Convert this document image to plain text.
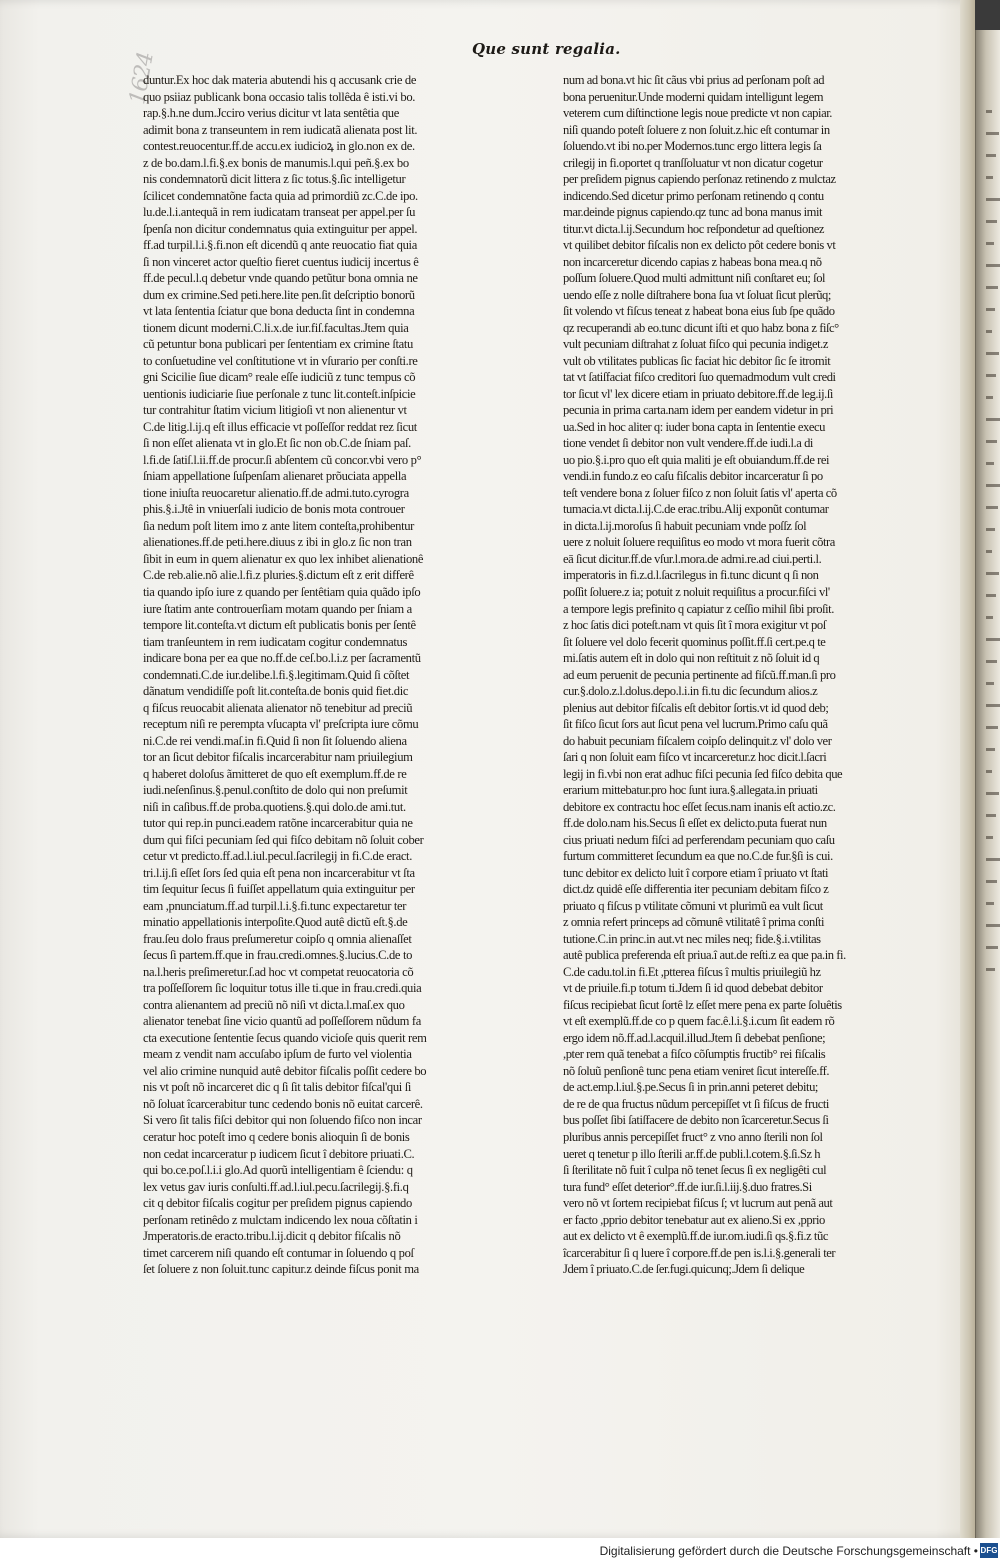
1624
Que sunt regalia.

duntur.Ex hoc dak materia abutendi his q accusank crie de

quo psiiaz publicank bona occasio talis tollêda ê isti.vi bo.

rap.§.h.ne dum.Jcciro verius dicitur vt lata sentêtia que

adimit bona z transeuntem in rem iudicatã alienata post lit.

contest.reuocentur.ff.de accu.ex iudicioꝝ in glo.non ex de.

z de bo.dam.l.fi.§.ex bonis de manumis.l.qui peñ.§.ex bo

nis condemnatorũ dicit littera z ſic totus.§.ſic intelligetur

ſcilicet condemnatõne facta quia ad primordiũ zc.C.de ipo.

lu.de.l.i.antequã in rem iudicatam transeat per appel.per ſu

ſpenſa non dicitur condemnatus quia extinguitur per appel.

ff.ad turpil.l.i.§.fi.non eſt dicendũ q ante reuocatio fiat quia

ſi non vinceret actor queſtio fieret cuentus iudicij incertus ê

ff.de pecul.l.q debetur vnde quando petũtur bona omnia ne

dum ex crimine.Sed peti.here.lite pen.ſit deſcriptio bonorũ

vt lata ſententia ſciatur que bona deducta ſint in condemna

tionem dicunt moderni.C.li.x.de iur.fiſ.facultas.Jtem quia

cũ petuntur bona publicari per ſententiam ex crimine ſtatu

to conſuetudine vel conſtitutione vt in vſurario per conſti.re

gni Scicilie ſiue dicam° reale eſſe iudiciũ z tunc tempus cõ

uentionis iudiciarie ſiue perſonale z tunc lit.conteſt.inſpicie

tur contrahitur ſtatim vicium litigioſi vt non alienentur vt

C.de litig.l.ij.q eſt illus efficacie vt poſſeſſor reddat rez ſicut

ſi non eſſet alienata vt in glo.Et ſic non ob.C.de ſniam paſ.

l.fi.de ſatiſ.l.ii.ff.de procur.ſi abſentem cũ concor.vbi vero p°

ſniam appellatione ſuſpenſam alienaret prõuciata appella

tione iniuſta reuocaretur alienatio.ff.de admi.tuto.cyrogra

phis.§.i.Jtê in vniuerſali iudicio de bonis mota controuer

ſia nedum poſt litem imo z ante litem conteſta,prohibentur

alienationes.ff.de peti.here.diuus z ibi in glo.z ſic non tran

ſibit in eum in quem alienatur ex quo lex inhibet alienationê

C.de reb.alie.nõ alie.l.fi.z pluries.§.dictum eſt z erit differê

tia quando ipſo iure z quando per ſentêtiam quia quãdo ipſo

iure ſtatim ante controuerſiam motam quando per ſniam a

tempore lit.conteſta.vt dictum eſt publicatis bonis per ſentê

tiam tranſeuntem in rem iudicatam cogitur condemnatus

indicare bona per ea que no.ff.de ceſ.bo.l.i.z per ſacramentũ

condemnati.C.de iur.delibe.l.fi.§.legitimam.Quid ſi cõſtet

dãnatum vendidiſſe poſt lit.conteſta.de bonis quid fiet.dic

q fiſcus reuocabit alienata alienator nõ tenebitur ad preciũ

receptum niſi re perempta vſucapta vl' preſcripta iure cõmu

ni.C.de rei vendi.maſ.in fi.Quid ſi non ſit ſoluendo aliena

tor an ſicut debitor fiſcalis incarcerabitur nam priuilegium

q haberet doloſus ãmitteret de quo eſt exemplum.ff.de re

iudi.neſenſinus.§.penul.conſtito de dolo qui non preſumit

niſi in caſibus.ff.de proba.quotiens.§.qui dolo.de ami.tut.

tutor qui rep.in punci.eadem ratõne incarcerabitur quia ne

dum qui fiſci pecuniam ſed qui fiſco debitam nõ ſoluit cober

cetur vt predicto.ff.ad.l.iul.pecul.ſacrilegij in fi.C.de eract.

tri.l.ij.ſi eſſet ſors ſed quia eſt pena non incarcerabitur vt ſta

tim ſequitur ſecus ſi fuiſſet appellatum quia extinguitur per

eam ,pnunciatum.ff.ad turpil.l.i.§.fi.tunc expectaretur ter

minatio appellationis interpoſite.Quod autê dictũ eſt.§.de

frau.ſeu dolo fraus preſumeretur coipſo q omnia alienaſſet

ſecus ſi partem.ff.que in frau.credi.omnes.§.lucius.C.de to

na.l.heris preſimeretur.ſ.ad hoc vt competat reuocatoria cõ

tra poſſeſſorem ſic loquitur totus ille ti.que in frau.credi.quia

contra alienantem ad preciũ nõ niſi vt dicta.l.maſ.ex quo

alienator tenebat ſine vicio quantũ ad poſſeſſorem nũdum fa

cta executione ſententie ſecus quando vicioſe quis querit rem

meam z vendit nam accuſabo ipſum de furto vel violentia

vel alio crimine nunquid autê debitor fiſcalis poſſit cedere bo

nis vt poſt nõ incarceret dic q ſi ſit talis debitor fiſcal'qui ſi

nõ ſoluat îcarcerabitur tunc cedendo bonis nõ euitat carcerê.

Si vero ſit talis fiſci debitor qui non ſoluendo fiſco non incar

ceratur hoc poteſt imo q cedere bonis alioquin ſi de bonis

non cedat incarceratur p iudicem ſicut î debitore priuati.C.

qui bo.ce.poſ.l.i.i glo.Ad quorũ intelligentiam ê ſciendu: q

lex vetus gav iuris conſulti.ff.ad.l.iul.pecu.ſacrilegij.§.fi.q

cit q debitor fiſcalis cogitur per preſidem pignus capiendo

perſonam retinêdo z mulctam indicendo lex noua cõſtatin i

Jmperatoris.de eracto.tribu.l.ij.dicit q debitor fiſcalis nõ

timet carcerem niſi quando eſt contumar in ſoluendo q poſ

ſet ſoluere z non ſoluit.tunc capitur.z deinde fiſcus ponit ma

num ad bona.vt hic ſit cãus vbi prius ad perſonam poſt ad

bona peruenitur.Unde moderni quidam intelligunt legem

veterem cum diſtinctione legis noue predicte vt non capiar.

niſi quando poteſt ſoluere z non ſoluit.z.hic eſt contumar in

ſoluendo.vt ibi no.per Modernos.tunc ergo littera legis ſa

crilegij in fi.oportet q tranſſoluatur vt non dicatur cogetur

per preſidem pignus capiendo perſonaz retinendo z mulctaz

indicendo.Sed dicetur primo perſonam retinendo q contu

mar.deinde pignus capiendo.qz tunc ad bona manus imit

titur.vt dicta.l.ij.Secundum hoc reſpondetur ad queſtionez

vt quilibet debitor fiſcalis non ex delicto pôt cedere bonis vt

non incarceretur dicendo capias z habeas bona mea.q nõ

poſſum ſoluere.Quod multi admittunt niſi conſtaret eu; ſol

uendo eſſe z nolle diſtrahere bona ſua vt ſoluat ſicut plerũq;

ſit volendo vt fiſcus teneat z habeat bona eius ſub ſpe quãdo

qz recuperandi ab eo.tunc dicunt iſti et quo habz bona z fiſc°

vult pecuniam diſtrahat z ſoluat fiſco qui pecunia indiget.z

vult ob vtilitates publicas ſic faciat hic debitor ſic ſe itromit

tat vt ſatiſfaciat fiſco creditori ſuo quemadmodum vult credi

tor ſicut vl' lex dicere etiam in priuato debitore.ff.de leg.ij.ſi

pecunia in prima carta.nam idem per eandem videtur in pri

ua.Sed in hoc aliter q: iuder bona capta in ſententie execu

tione vendet ſi debitor non vult vendere.ff.de iudi.l.a di

uo pio.§.i.pro quo eſt quia maliti je eſt obuiandum.ff.de rei

vendi.in fundo.z eo caſu fiſcalis debitor incarceratur ſi po

teſt vendere bona z ſoluer fiſco z non ſoluit ſatis vl' aperta cõ

tumacia.vt dicta.l.ij.C.de erac.tribu.Alij exponũt contumar

in dicta.l.ij.moroſus ſi habuit pecuniam vnde poſſz ſol

uere z noluit ſoluere requiſitus eo modo vt mora fuerit cõtra

eā ſicut dicitur.ff.de vſur.l.mora.de admi.re.ad ciui.perti.l.

imperatoris in fi.z.d.l.ſacrilegus in fi.tunc dicunt q ſi non

poſſit ſoluere.z ia; potuit z noluit requiſitus a procur.fiſci vl'

a tempore legis prefinito q capiatur z ceſſio mihil ſibi proſit.

z hoc ſatis dici poteſt.nam vt quis ſit î mora exigitur vt poſ

ſit ſoluere vel dolo fecerit quominus poſſit.ff.ſi cert.pe.q te

mi.ſatis autem eſt in dolo qui non reſtituit z nõ ſoluit id q

ad eum peruenit de pecunia pertinente ad fiſcũ.ff.man.ſi pro

cur.§.dolo.z.l.dolus.depo.l.i.in fi.tu dic ſecundum alios.z

plenius aut debitor fiſcalis eſt debitor ſortis.vt id quod deb;

ſit fiſco ſicut ſors aut ſicut pena vel lucrum.Primo caſu quã

do habuit pecuniam fiſcalem coipſo delinquit.z vl' dolo ver

ſari q non ſoluit eam fiſco vt incarceretur.z hoc dicit.l.ſacri

legij in fi.vbi non erat adhuc fiſci pecunia ſed fiſco debita que

erarium mittebatur.pro hoc ſunt iura.§.allegata.in priuati

debitore ex contractu hoc eſſet ſecus.nam inanis eſt actio.zc.

ff.de dolo.nam his.Secus ſi eſſet ex delicto.puta fuerat nun

cius priuati nedum fiſci ad perferendam pecuniam quo caſu

furtum committeret ſecundum ea que no.C.de fur.§ſi is cui.

tunc debitor ex delicto luit î corpore etiam î priuato vt ſtati

dict.dz quidê eſſe differentia iter pecuniam debitam fiſco z

priuato q fiſcus p vtilitate cõmuni vt plurimũ ea vult ſicut

z omnia refert princeps ad cõmunê vtilitatê î prima conſti

tutione.C.in princ.in aut.vt nec miles neq; fide.§.i.vtilitas

autê publica preferenda eſt priua.î aut.de reſti.z ea que pa.in fi.

C.de cadu.tol.in fi.Et ,ptterea fiſcus î multis priuilegiũ hz

vt de priuile.fi.p totum ti.Jdem ſi id quod debebat debitor

fiſcus recipiebat ſicut ſortê lz eſſet mere pena ex parte ſoluêtis

vt eſt exemplũ.ff.de co p quem fac.ê.l.i.§.i.cum ſit eadem rõ

ergo idem nõ.ff.ad.l.acquil.illud.Jtem ſi debebat penſione;

,pter rem quã tenebat a fiſco cõſumptis fructib° rei fiſcalis

nõ ſoluũ penſionê tunc pena etiam veniret ſicut intereſſe.ff.

de act.emp.l.iul.§.pe.Secus ſi in prin.anni peteret debitu;

de re de qua fructus nũdum percepiſſet vt ſi fiſcus de fructi

bus poſſet ſibi ſatiſfacere de debito non îcarceretur.Secus ſi

pluribus annis percepiſſet fruct° z vno anno ſterili non ſol

ueret q tenetur p illo ſterili ar.ff.de publi.l.cotem.§.ſi.Sz h

ſi ſterilitate nõ fuit î culpa nõ tenet ſecus ſi ex negligêti cul

tura fund° eſſet deterior°.ff.de iur.ſi.l.iij.§.duo fratres.Si

vero nõ vt ſortem recipiebat fiſcus ſ; vt lucrum aut penã aut

er facto ,pprio debitor tenebatur aut ex alieno.Si ex ,pprio

aut ex delicto vt ê exemplũ.ff.de iur.om.iudi.ſi qs.§.fi.z tũc

îcarcerabitur ſi q luere î corpore.ff.de pen is.l.i.§.generali ter

Jdem î priuato.C.de ſer.fugi.quicunq;.Jdem ſi delique

Digitalisierung gefördert durch die Deutsche Forschungsgemeinschaft • DFG
